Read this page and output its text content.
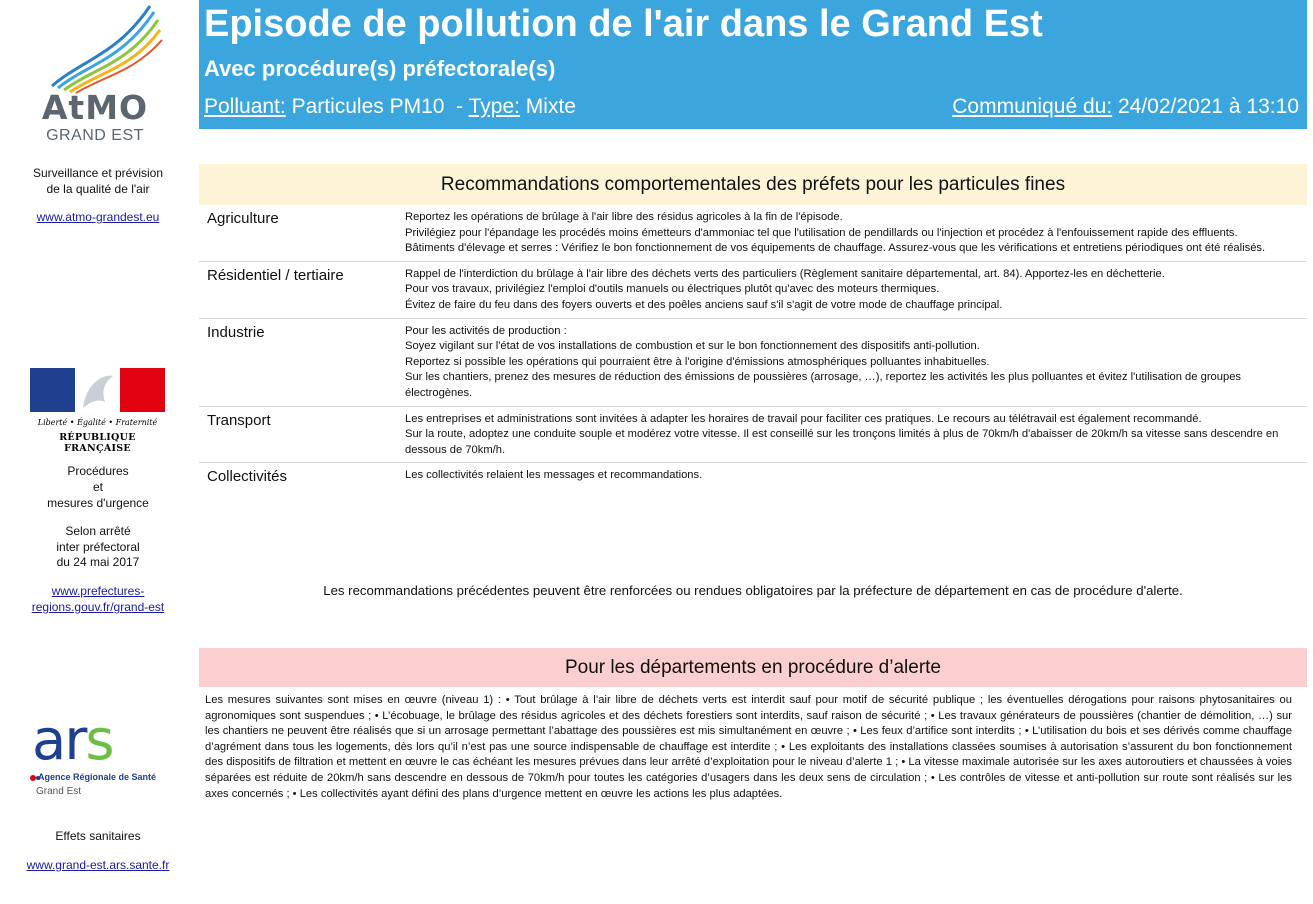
AtMO
GRAND EST
Surveillance et prévision
de la qualité de l'air
www.atmo-grandest.eu
Liberté • Égalité • Fraternité
RÉPUBLIQUE FRANÇAISE
Procédures
et
mesures d'urgence
Selon arrêté
inter préfectoral
du 24 mai 2017
www.prefectures-
regions.gouv.fr/grand-est
ars
Agence Régionale de Santé
Grand Est
Effets sanitaires
www.grand-est.ars.sante.fr
Episode de pollution de l'air dans le Grand Est
Avec procédure(s) préfectorale(s)
Polluant: Particules PM10  - Type: Mixte	Communiqué du: 24/02/2021 à 13:10
Recommandations comportementales des préfets pour les particules fines
Agriculture	Reportez les opérations de brûlage à l'air libre des résidus agricoles à la fin de l'épisode.
Privilégiez pour l'épandage les procédés moins émetteurs d'ammoniac tel que l'utilisation de pendillards ou l'injection et procédez à l'enfouissement rapide des effluents.
Bâtiments d'élevage et serres : Vérifiez le bon fonctionnement de vos équipements de chauffage. Assurez-vous que les vérifications et entretiens périodiques ont été réalisés.
Résidentiel / tertiaire	Rappel de l'interdiction du brûlage à l'air libre des déchets verts des particuliers (Règlement sanitaire départemental, art. 84). Apportez-les en déchetterie.
Pour vos travaux, privilégiez l'emploi d'outils manuels ou électriques plutôt qu'avec des moteurs thermiques.
Évitez de faire du feu dans des foyers ouverts et des poêles anciens sauf s'il s'agit de votre mode de chauffage principal.
Industrie	Pour les activités de production :
Soyez vigilant sur l'état de vos installations de combustion et sur le bon fonctionnement des dispositifs anti-pollution.
Reportez si possible les opérations qui pourraient être à l'origine d'émissions atmosphériques polluantes inhabituelles.
Sur les chantiers, prenez des mesures de réduction des émissions de poussières (arrosage, …), reportez les activités les plus polluantes et évitez l'utilisation de groupes électrogènes.
Transport	Les entreprises et administrations sont invitées à adapter les horaires de travail pour faciliter ces pratiques. Le recours au télétravail est également recommandé.
Sur la route, adoptez une conduite souple et modérez votre vitesse. Il est conseillé sur les tronçons limités à plus de 70km/h d'abaisser de 20km/h sa vitesse sans descendre en dessous de 70km/h.
Collectivités	Les collectivités relaient les messages et recommandations.
Les recommandations précédentes peuvent être renforcées ou rendues obligatoires par la préfecture de département en cas de procédure d'alerte.
Pour les départements en procédure d’alerte
Les mesures suivantes sont mises en œuvre (niveau 1) : • Tout brûlage à l’air libre de déchets verts est interdit sauf pour motif de sécurité publique ; les éventuelles dérogations pour raisons phytosanitaires ou agronomiques sont suspendues ; • L’écobuage, le brûlage des résidus agricoles et des déchets forestiers sont interdits, sauf raison de sécurité ; • Les travaux générateurs de poussières (chantier de démolition, …) sur les chantiers ne peuvent être réalisés que si un arrosage permettant l’abattage des poussières est mis simultanément en œuvre ; • Les feux d’artifice sont interdits ; • L’utilisation du bois et ses dérivés comme chauffage d’agrément dans tous les logements, dès lors qu’il n’est pas une source indispensable de chauffage est interdite ; • Les exploitants des installations classées soumises à autorisation s’assurent du bon fonctionnement des dispositifs de filtration et mettent en œuvre le cas échéant les mesures prévues dans leur arrêté d’exploitation pour le niveau d’alerte 1 ; • La vitesse maximale autorisée sur les axes autoroutiers et chaussées à voies séparées est réduite de 20km/h sans descendre en dessous de 70km/h pour toutes les catégories d’usagers dans les deux sens de circulation ; • Les contrôles de vitesse et anti-pollution sur route sont réalisés sur les axes concernés ; • Les collectivités ayant défini des plans d’urgence mettent en œuvre les actions les plus adaptées.
